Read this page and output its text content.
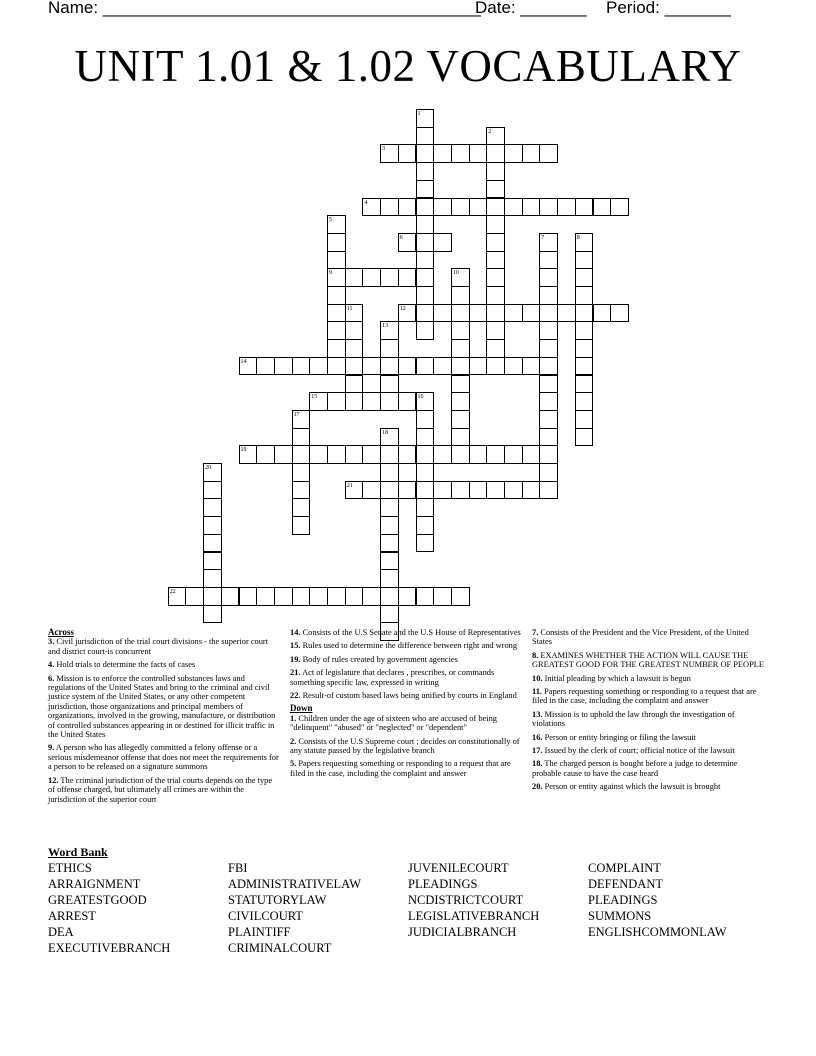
Name: ________________________________________
Date: _______ Period: _______
UNIT 1.01 & 1.02 VOCABULARY
3
4
6
9
12
14
15
19
21
22
1
2
5
7	8
10
11
13
16
17
18
20
Across

3. Civil jurisdiction of the trial court divisions - the superior court and district court-is concurrent

4. Hold trials to determine the facts of cases

6. Mission is to enforce the controlled substances laws and regulations of the United States and bring to the criminal and civil justice system of the United States, or any other competent jurisdiction, those organizations and principal members of organizations, involved in the growing, manufacture, or distribution of controlled substances appearing in or destined for illicit traffic in the United States

9. A person who has allegedly committed a felony offense or a serious misdemeanor offense that does not meet the requirements for a person to be released on a signature summons

12. The criminal jurisdiction of the trial courts depends on the type of offense charged, but ultimately all crimes are within the jurisdiction of the superior court

14. Consists of the U.S Senate and the U.S House of Representatives

15. Rules used to determine the difference between right and wrong

19. Body of rules created by government agencies

21. Act of legislature that declares , prescribes, or commands something specific law, expressed in writing

22. Result-of custom based laws being unified by courts in England

Down

1. Children under the age of sixteen who are accused of being "delinquent" "abused" or "neglected" or "dependent"

2. Consists of the U.S Supreme court ; decides on constitutionally of any statute passed by the legislative branch

5. Papers requesting something or responding to a request that are filed in the case, including the complaint and answer

7. Consists of the President and the Vice President, of the United States

8. EXAMINES WHETHER THE ACTION WILL CAUSE THE GREATEST GOOD FOR THE GREATEST NUMBER OF PEOPLE

10. Initial pleading by which a lawsuit is begun

11. Papers requesting something or responding to a request that are filed in the case, including the complaint and answer

13. Mission is to uphold the law through the investigation of violations

16. Person or entity bringing or filing the lawsuit

17. Issued by the clerk of court; official notice of the lawsuit

18. The charged person is bought before a judge to determine probable cause to have the case heard

20. Person or entity against which the lawsuit is brought

Word Bank
ETHICS
ARRAIGNMENT
GREATESTGOOD
ARREST
DEA
EXECUTIVEBRANCH
FBI
ADMINISTRATIVELAW
STATUTORYLAW
CIVILCOURT
PLAINTIFF
CRIMINALCOURT
JUVENILECOURT
PLEADINGS
NCDISTRICTCOURT
LEGISLATIVEBRANCH
JUDICIALBRANCH
COMPLAINT
DEFENDANT
PLEADINGS
SUMMONS
ENGLISHCOMMONLAW
